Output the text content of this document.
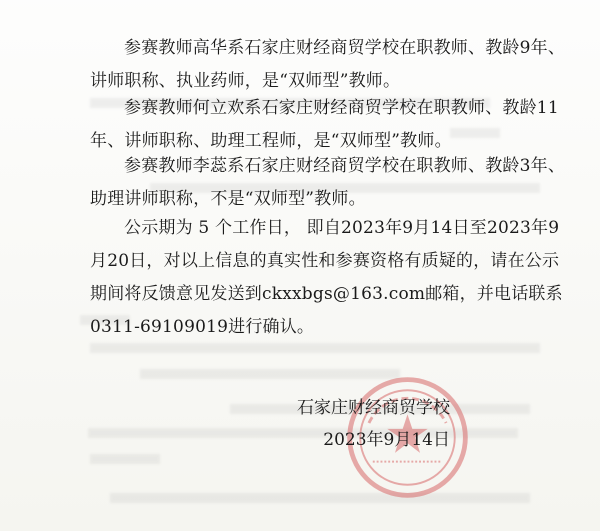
参赛教师高华系石家庄财经商贸学校在职教师、教龄9年、
讲师职称、执业药师，是“双师型”教师。
参赛教师何立欢系石家庄财经商贸学校在职教师、教龄11
年、讲师职称、助理工程师，是“双师型”教师。
参赛教师李蕊系石家庄财经商贸学校在职教师、教龄3年、
助理讲师职称，不是“双师型”教师。
公示期为 5 个工作日， 即自2023年9月14日至2023年9
月20日，对以上信息的真实性和参赛资格有质疑的，请在公示
期间将反馈意见发送到ckxxbgs@163.com邮箱，并电话联系
0311-69109019进行确认。
石家庄财经商贸学校
2023年9月14日
